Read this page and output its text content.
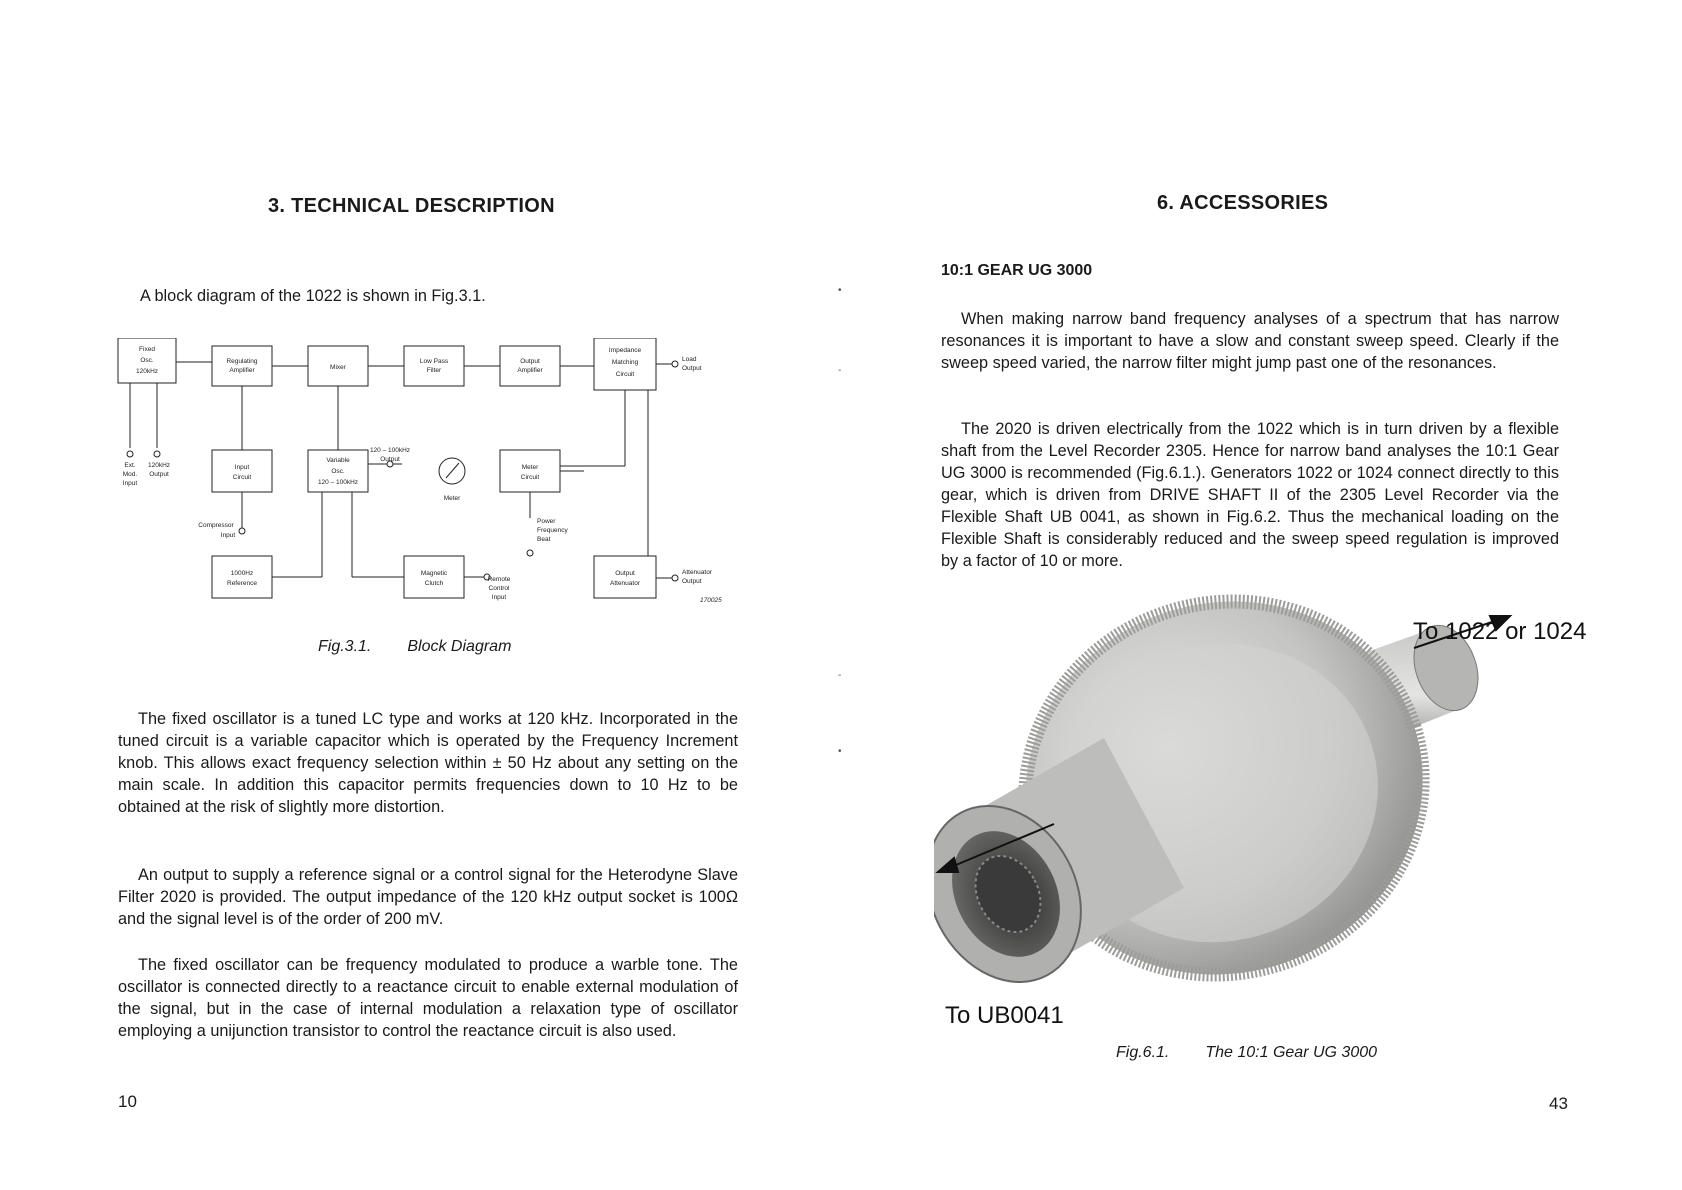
3. TECHNICAL DESCRIPTION
A block diagram of the 1022 is shown in Fig.3.1.
Fixed
Osc.
120kHz
Regulating
Amplifier	Mixer
Low Pass
Filter
Output
Amplifier
Impedance
Matching
Circuit
Input
Circuit
Variable
Osc.
120 – 100kHz
Meter
Circuit
1000Hz
Reference
Magnetic
Clutch
Output
Attenuator
Ext.
Mod.
Input
120kHz
Output
120 – 100kHz
Output
Meter
Compressor
Input
Remote
Control
Input
Load
Output
Power
Frequency
Beat
Attenuator
Output
170025
Fig.3.1. Block Diagram
The fixed oscillator is a tuned LC type and works at 120 kHz. Incorporated in the tuned circuit is a variable capacitor which is operated by the Frequency Increment knob. This allows exact frequency selection within ± 50 Hz about any setting on the main scale. In addition this capacitor permits frequencies down to 10 Hz to be obtained at the risk of slightly more distortion.
An output to supply a reference signal or a control signal for the Heterodyne Slave Filter 2020 is provided. The output impedance of the 120 kHz output socket is 100Ω and the signal level is of the order of 200 mV.
The fixed oscillator can be frequency modulated to produce a warble tone. The oscillator is connected directly to a reactance circuit to enable external modulation of the signal, but in the case of internal modulation a relaxation type of oscillator employing a unijunction transistor to control the reactance circuit is also used.
10
•
-
-
•
6. ACCESSORIES
10:1 GEAR UG 3000
When making narrow band frequency analyses of a spectrum that has narrow resonances it is important to have a slow and constant sweep speed. Clearly if the sweep speed varied, the narrow filter might jump past one of the resonances.
The 2020 is driven electrically from the 1022 which is in turn driven by a flexible shaft from the Level Recorder 2305. Hence for narrow band analyses the 10:1 Gear UG 3000 is recommended (Fig.6.1.). Generators 1022 or 1024 connect directly to this gear, which is driven from DRIVE SHAFT II of the 2305 Level Recorder via the Flexible Shaft UB 0041, as shown in Fig.6.2. Thus the mechanical loading on the Flexible Shaft is considerably reduced and the sweep speed regulation is improved by a factor of 10 or more.
To 1022 or 1024
To UB0041
Fig.6.1. The 10:1 Gear UG 3000
43
